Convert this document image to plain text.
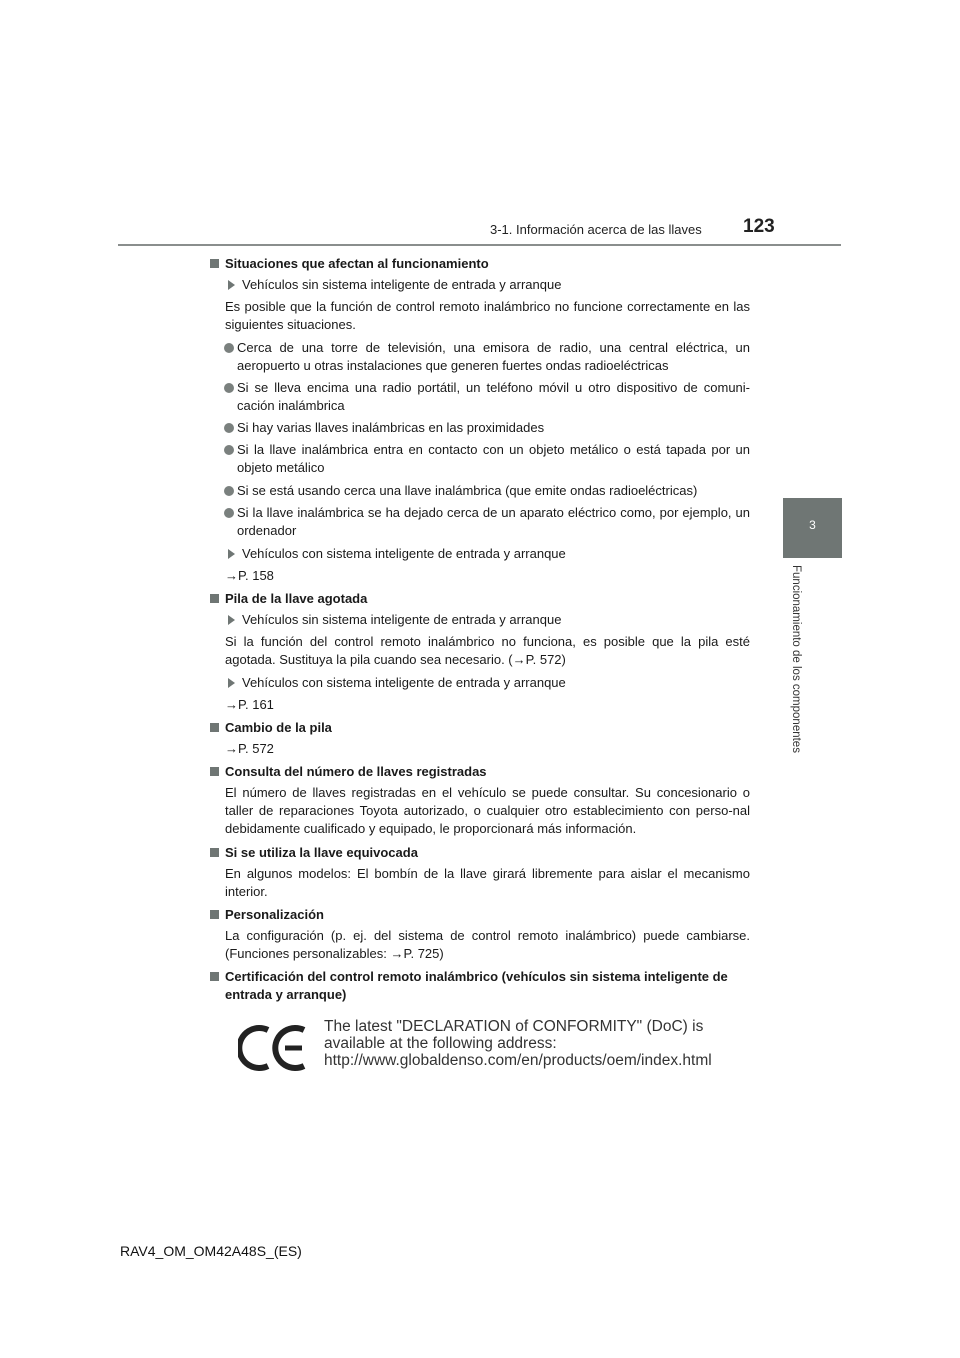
3-1. Información acerca de las llaves 123
3
Funcionamiento de los componentes
Situaciones que afectan al funcionamiento
Vehículos sin sistema inteligente de entrada y arranque
Es posible que la función de control remoto inalámbrico no funcione correctamente en las siguientes situaciones.
Cerca de una torre de televisión, una emisora de radio, una central eléctrica, un aeropuerto u otras instalaciones que generen fuertes ondas radioeléctricas
Si se lleva encima una radio portátil, un teléfono móvil u otro dispositivo de comuni-cación inalámbrica
Si hay varias llaves inalámbricas en las proximidades
Si la llave inalámbrica entra en contacto con un objeto metálico o está tapada por un objeto metálico
Si se está usando cerca una llave inalámbrica (que emite ondas radioeléctricas)
Si la llave inalámbrica se ha dejado cerca de un aparato eléctrico como, por ejemplo, un ordenador
Vehículos con sistema inteligente de entrada y arranque
→P. 158
Pila de la llave agotada
Vehículos sin sistema inteligente de entrada y arranque
Si la función del control remoto inalámbrico no funciona, es posible que la pila esté agotada. Sustituya la pila cuando sea necesario. (→P. 572)
Vehículos con sistema inteligente de entrada y arranque
→P. 161
Cambio de la pila
→P. 572
Consulta del número de llaves registradas
El número de llaves registradas en el vehículo se puede consultar. Su concesionario o taller de reparaciones Toyota autorizado, o cualquier otro establecimiento con perso-nal debidamente cualificado y equipado, le proporcionará más información.
Si se utiliza la llave equivocada
En algunos modelos: El bombín de la llave girará libremente para aislar el mecanismo interior.
Personalización
La configuración (p. ej. del sistema de control remoto inalámbrico) puede cambiarse. (Funciones personalizables: →P. 725)
Certificación del control remoto inalámbrico (vehículos sin sistema inteligente de entrada y arranque)
The latest "DECLARATION of CONFORMITY" (DoC) is
available at the following address:
http://www.globaldenso.com/en/products/oem/index.html
RAV4_OM_OM42A48S_(ES)
